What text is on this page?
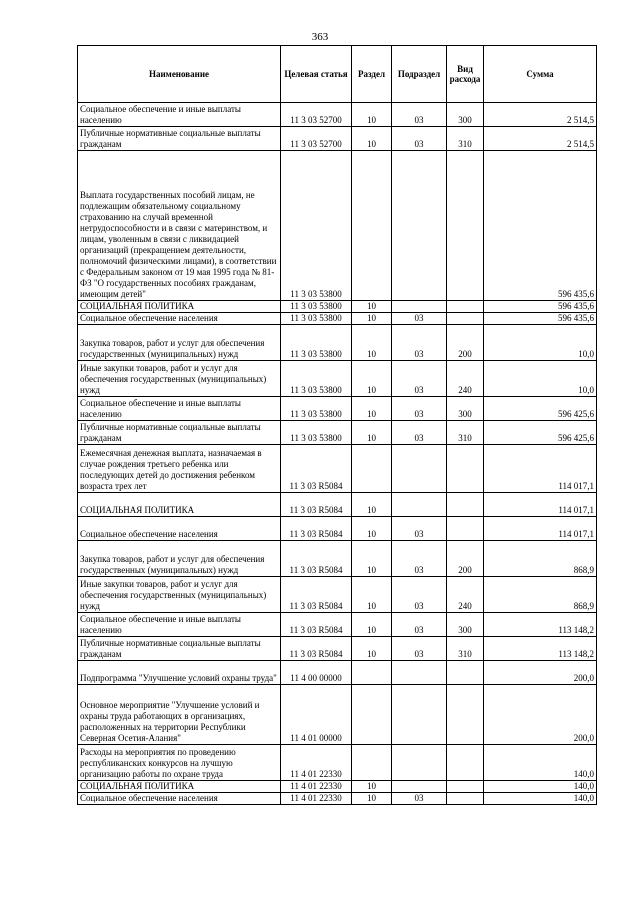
363
Наименование	Целевая статья	Раздел	Подраздел	Вид расхода	Сумма

Социальное обеспечение и иные выплаты населению	11 3 03 52700	10	03	300	2 514,5

Публичные нормативные социальные выплаты гражданам	11 3 03 52700	10	03	310	2 514,5

Выплата государственных пособий лицам, не подлежащим обязательному социальному страхованию на случай временной нетрудоспособности и в связи с материнством, и лицам, уволенным в связи с ликвидацией организаций (прекращением деятельности, полномочий физическими лицами), в соответствии с Федеральным законом от 19 мая 1995 года № 81-ФЗ "О государственных пособиях гражданам, имеющим детей"	11 3 03 53800				596 435,6

СОЦИАЛЬНАЯ ПОЛИТИКА	11 3 03 53800	10			596 435,6

Социальное обеспечение населения	11 3 03 53800	10	03		596 435,6

Закупка товаров, работ и услуг для обеспечения государственных (муниципальных) нужд	11 3 03 53800	10	03	200	10,0

Иные закупки товаров, работ и услуг для обеспечения государственных (муниципальных) нужд	11 3 03 53800	10	03	240	10,0

Социальное обеспечение и иные выплаты населению	11 3 03 53800	10	03	300	596 425,6

Публичные нормативные социальные выплаты гражданам	11 3 03 53800	10	03	310	596 425,6

Ежемесячная денежная выплата, назначаемая в случае рождения третьего ребенка или последующих детей до достижения ребенком возраста трех лет	11 3 03 R5084				114 017,1

СОЦИАЛЬНАЯ ПОЛИТИКА	11 3 03 R5084	10			114 017,1

Социальное обеспечение населения	11 3 03 R5084	10	03		114 017,1

Закупка товаров, работ и услуг для обеспечения государственных (муниципальных) нужд	11 3 03 R5084	10	03	200	868,9

Иные закупки товаров, работ и услуг для обеспечения государственных (муниципальных) нужд	11 3 03 R5084	10	03	240	868,9

Социальное обеспечение и иные выплаты населению	11 3 03 R5084	10	03	300	113 148,2

Публичные нормативные социальные выплаты гражданам	11 3 03 R5084	10	03	310	113 148,2

Подпрограмма "Улучшение условий охраны труда"	11 4 00 00000				200,0

Основное мероприятие "Улучшение условий и охраны труда работающих в организациях, расположенных на территории Республики Северная Осетия-Алания"	11 4 01 00000				200,0

Расходы на мероприятия по проведению республиканских конкурсов на лучшую организацию работы по охране труда	11 4 01 22330				140,0

СОЦИАЛЬНАЯ ПОЛИТИКА	11 4 01 22330	10			140,0

Социальное обеспечение населения	11 4 01 22330	10	03		140,0
